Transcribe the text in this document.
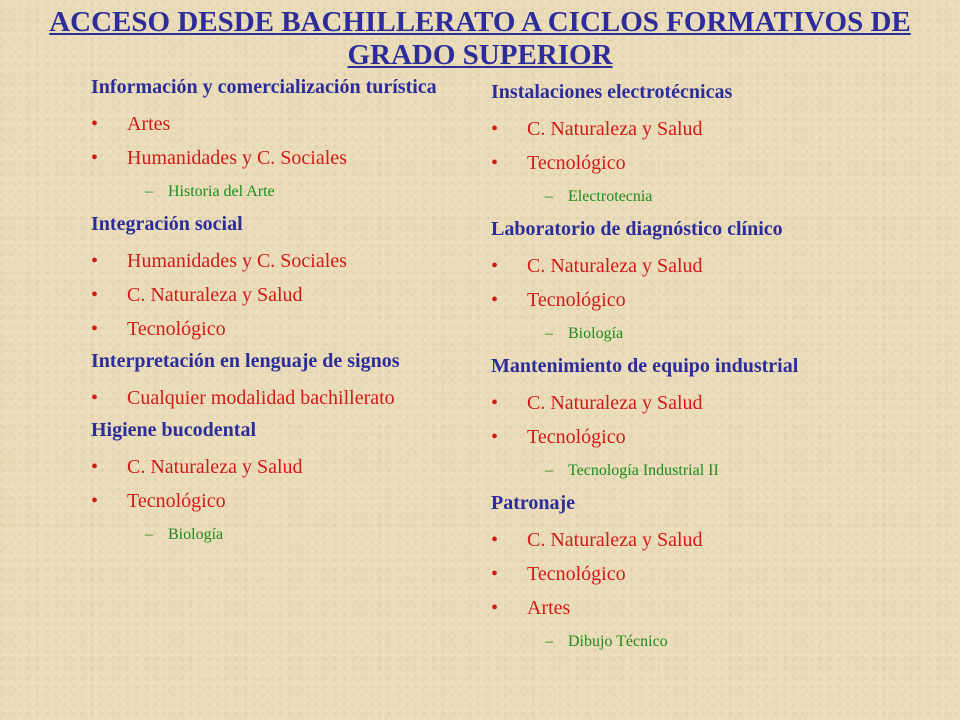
ACCESO DESDE BACHILLERATO A CICLOS FORMATIVOS DE GRADO SUPERIOR
Información y comercialización turística
•	Artes
•	Humanidades y C. Sociales
– Historia del Arte
Integración social
•	Humanidades y C. Sociales
•	C. Naturaleza y Salud
•	Tecnológico
Interpretación en lenguaje de signos
•	Cualquier modalidad bachillerato
Higiene bucodental
•	C. Naturaleza y Salud
•	Tecnológico
– Biología
Instalaciones electrotécnicas
•	C. Naturaleza y Salud
•	Tecnológico
– Electrotecnia
Laboratorio de diagnóstico clínico
•	C. Naturaleza y Salud
•	Tecnológico
– Biología
Mantenimiento de equipo industrial
•	C. Naturaleza y Salud
•	Tecnológico
– Tecnología Industrial II
Patronaje
•	C. Naturaleza y Salud
•	Tecnológico
•	Artes
– Dibujo Técnico
